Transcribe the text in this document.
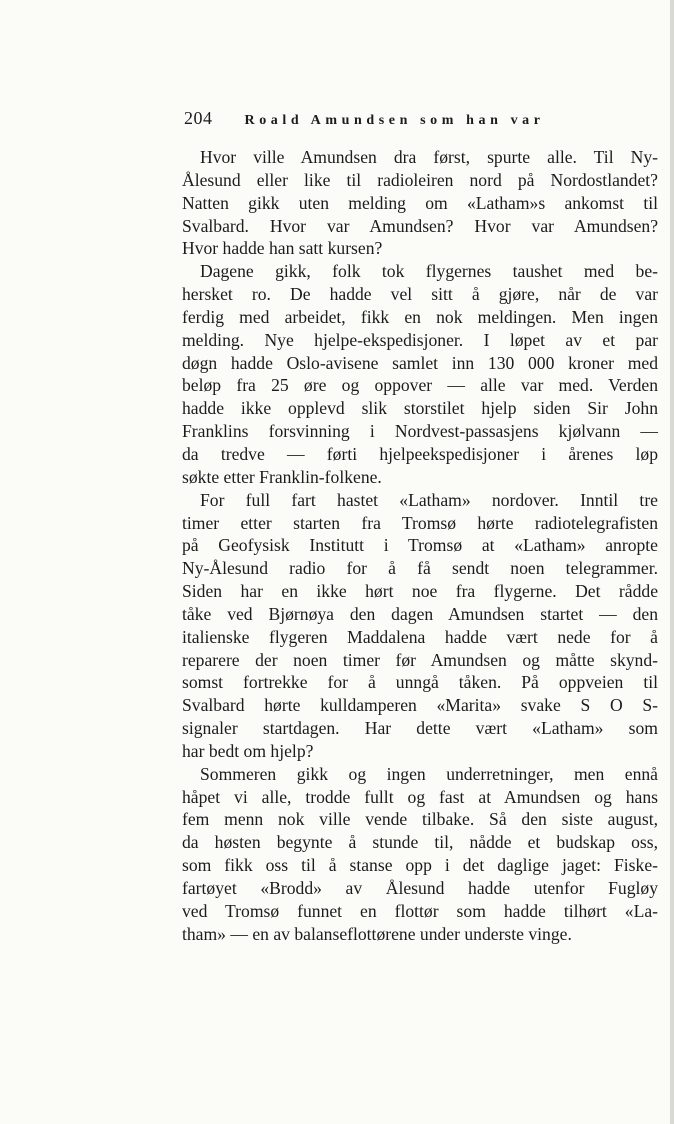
204 Roald Amundsen som han var
Hvor ville Amundsen dra først, spurte alle. Til Ny-
Ålesund eller like til radioleiren nord på Nordostlandet?
Natten gikk uten melding om «Latham»s ankomst til
Svalbard. Hvor var Amundsen? Hvor var Amundsen?
Hvor hadde han satt kursen?
Dagene gikk, folk tok flygernes taushet med be-
hersket ro. De hadde vel sitt å gjøre, når de var
ferdig med arbeidet, fikk en nok meldingen. Men ingen
melding. Nye hjelpe-ekspedisjoner. I løpet av et par
døgn hadde Oslo-avisene samlet inn 130 000 kroner med
beløp fra 25 øre og oppover — alle var med. Verden
hadde ikke opplevd slik storstilet hjelp siden Sir John
Franklins forsvinning i Nordvest-passasjens kjølvann —
da tredve — førti hjelpeekspedisjoner i årenes løp
søkte etter Franklin-folkene.
For full fart hastet «Latham» nordover. Inntil tre
timer etter starten fra Tromsø hørte radiotelegrafisten
på Geofysisk Institutt i Tromsø at «Latham» anropte
Ny-Ålesund radio for å få sendt noen telegrammer.
Siden har en ikke hørt noe fra flygerne. Det rådde
tåke ved Bjørnøya den dagen Amundsen startet — den
italienske flygeren Maddalena hadde vært nede for å
reparere der noen timer før Amundsen og måtte skynd-
somst fortrekke for å unngå tåken. På oppveien til
Svalbard hørte kulldamperen «Marita» svake S O S-
signaler startdagen. Har dette vært «Latham» som
har bedt om hjelp?
Sommeren gikk og ingen underretninger, men ennå
håpet vi alle, trodde fullt og fast at Amundsen og hans
fem menn nok ville vende tilbake. Så den siste august,
da høsten begynte å stunde til, nådde et budskap oss,
som fikk oss til å stanse opp i det daglige jaget: Fiske-
fartøyet «Brodd» av Ålesund hadde utenfor Fugløy
ved Tromsø funnet en flottør som hadde tilhørt «La-
tham» — en av balanseflottørene under underste vinge.
